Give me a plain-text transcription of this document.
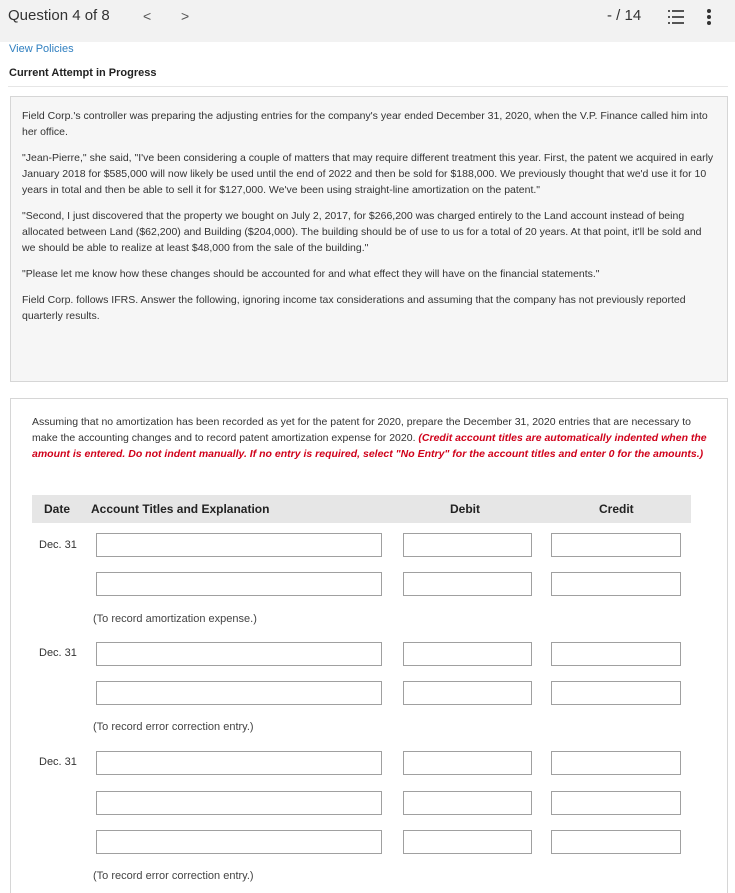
Question 4 of 8 < >	- / 14
View Policies
Current Attempt in Progress

Field Corp.'s controller was preparing the adjusting entries for the company's year ended December 31, 2020, when the V.P. Finance called him into her office.

"Jean-Pierre," she said, "I've been considering a couple of matters that may require different treatment this year. First, the patent we acquired in early January 2018 for $585,000 will now likely be used until the end of 2022 and then be sold for $188,000. We previously thought that we'd use it for 10 years in total and then be able to sell it for $127,000. We've been using straight-line amortization on the patent."

"Second, I just discovered that the property we bought on July 2, 2017, for $266,200 was charged entirely to the Land account instead of being allocated between Land ($62,200) and Building ($204,000). The building should be of use to us for a total of 20 years. At that point, it'll be sold and we should be able to realize at least $48,000 from the sale of the building."

"Please let me know how these changes should be accounted for and what effect they will have on the financial statements."

Field Corp. follows IFRS. Answer the following, ignoring income tax considerations and assuming that the company has not previously reported quarterly results.

Assuming that no amortization has been recorded as yet for the patent for 2020, prepare the December 31, 2020 entries that are necessary to make the accounting changes and to record patent amortization expense for 2020. (Credit account titles are automatically indented when the amount is entered. Do not indent manually. If no entry is required, select "No Entry" for the account titles and enter 0 for the amounts.)
Date Account Titles and Explanation	Debit	Credit
Dec. 31
(To record amortization expense.)
Dec. 31
(To record error correction entry.)
Dec. 31
(To record error correction entry.)
